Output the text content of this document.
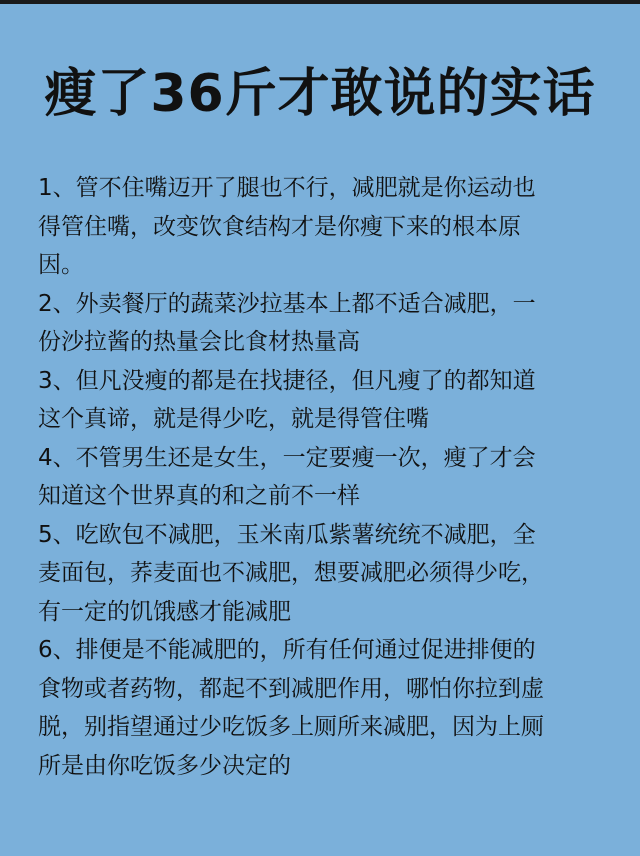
瘦了36斤才敢说的实话
1、管不住嘴迈开了腿也不行，减肥就是你运动也
得管住嘴，改变饮食结构才是你瘦下来的根本原
因。
2、外卖餐厅的蔬菜沙拉基本上都不适合减肥，一
份沙拉酱的热量会比食材热量高
3、但凡没瘦的都是在找捷径，但凡瘦了的都知道
这个真谛，就是得少吃，就是得管住嘴
4、不管男生还是女生，一定要瘦一次，瘦了才会
知道这个世界真的和之前不一样
5、吃欧包不减肥，玉米南瓜紫薯统统不减肥，全
麦面包，荞麦面也不减肥，想要减肥必须得少吃，
有一定的饥饿感才能减肥
6、排便是不能减肥的，所有任何通过促进排便的
食物或者药物，都起不到减肥作用，哪怕你拉到虚
脱，别指望通过少吃饭多上厕所来减肥，因为上厕
所是由你吃饭多少决定的
